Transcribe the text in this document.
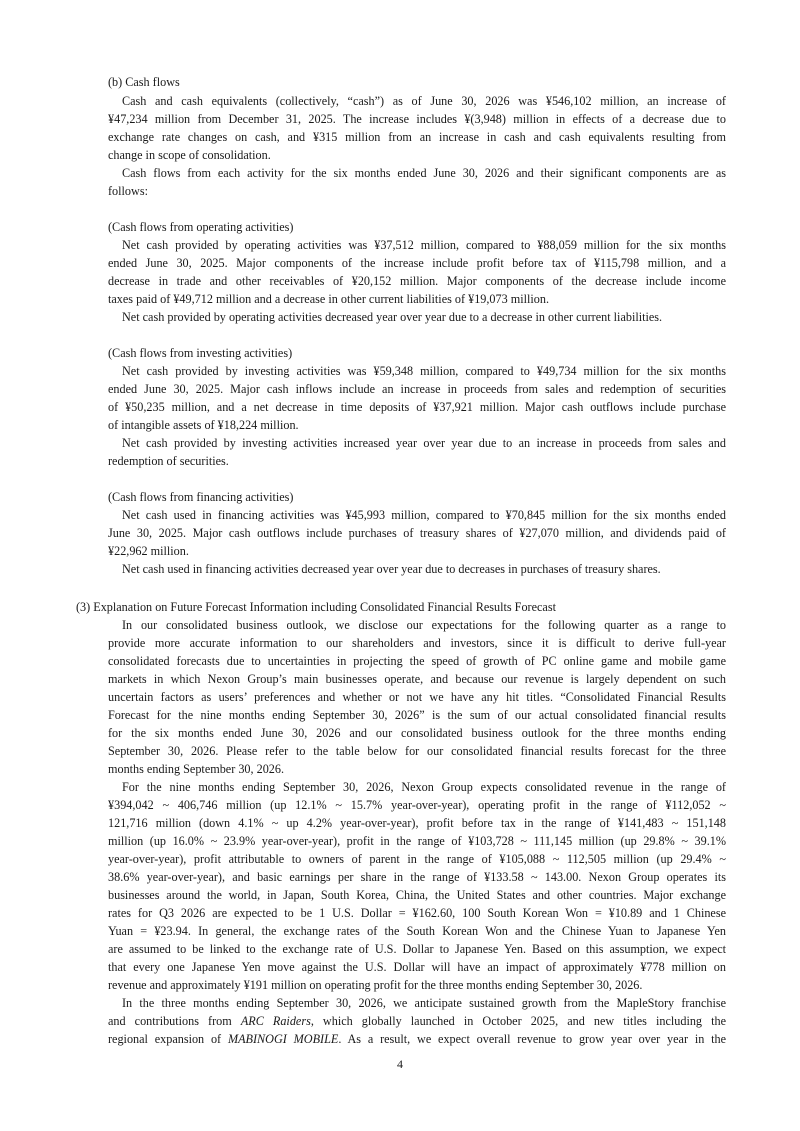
(b) Cash flows
Cash and cash equivalents (collectively, “cash”) as of June 30, 2026 was ¥546,102 million, an increase of
¥47,234 million from December 31, 2025. The increase includes ¥(3,948) million in effects of a decrease due to
exchange rate changes on cash, and ¥315 million from an increase in cash and cash equivalents resulting from
change in scope of consolidation.
Cash flows from each activity for the six months ended June 30, 2026 and their significant components are as
follows:
(Cash flows from operating activities)
Net cash provided by operating activities was ¥37,512 million, compared to ¥88,059 million for the six months
ended June 30, 2025. Major components of the increase include profit before tax of ¥115,798 million, and a
decrease in trade and other receivables of ¥20,152 million. Major components of the decrease include income
taxes paid of ¥49,712 million and a decrease in other current liabilities of ¥19,073 million.
Net cash provided by operating activities decreased year over year due to a decrease in other current liabilities.
(Cash flows from investing activities)
Net cash provided by investing activities was ¥59,348 million, compared to ¥49,734 million for the six months
ended June 30, 2025. Major cash inflows include an increase in proceeds from sales and redemption of securities
of ¥50,235 million, and a net decrease in time deposits of ¥37,921 million. Major cash outflows include purchase
of intangible assets of ¥18,224 million.
Net cash provided by investing activities increased year over year due to an increase in proceeds from sales and
redemption of securities.
(Cash flows from financing activities)
Net cash used in financing activities was ¥45,993 million, compared to ¥70,845 million for the six months ended
June 30, 2025. Major cash outflows include purchases of treasury shares of ¥27,070 million, and dividends paid of
¥22,962 million.
Net cash used in financing activities decreased year over year due to decreases in purchases of treasury shares.
(3) Explanation on Future Forecast Information including Consolidated Financial Results Forecast
In our consolidated business outlook, we disclose our expectations for the following quarter as a range to
provide more accurate information to our shareholders and investors, since it is difficult to derive full-year
consolidated forecasts due to uncertainties in projecting the speed of growth of PC online game and mobile game
markets in which Nexon Group’s main businesses operate, and because our revenue is largely dependent on such
uncertain factors as users’ preferences and whether or not we have any hit titles. “Consolidated Financial Results
Forecast for the nine months ending September 30, 2026” is the sum of our actual consolidated financial results
for the six months ended June 30, 2026 and our consolidated business outlook for the three months ending
September 30, 2026. Please refer to the table below for our consolidated financial results forecast for the three
months ending September 30, 2026.
For the nine months ending September 30, 2026, Nexon Group expects consolidated revenue in the range of
¥394,042 ~ 406,746 million (up 12.1% ~ 15.7% year-over-year), operating profit in the range of ¥112,052 ~
121,716 million (down 4.1% ~ up 4.2% year-over-year), profit before tax in the range of ¥141,483 ~ 151,148
million (up 16.0% ~ 23.9% year-over-year), profit in the range of ¥103,728 ~ 111,145 million (up 29.8% ~ 39.1%
year-over-year), profit attributable to owners of parent in the range of ¥105,088 ~ 112,505 million (up 29.4% ~
38.6% year-over-year), and basic earnings per share in the range of ¥133.58 ~ 143.00. Nexon Group operates its
businesses around the world, in Japan, South Korea, China, the United States and other countries. Major exchange
rates for Q3 2026 are expected to be 1 U.S. Dollar = ¥162.60, 100 South Korean Won = ¥10.89 and 1 Chinese
Yuan = ¥23.94. In general, the exchange rates of the South Korean Won and the Chinese Yuan to Japanese Yen
are assumed to be linked to the exchange rate of U.S. Dollar to Japanese Yen. Based on this assumption, we expect
that every one Japanese Yen move against the U.S. Dollar will have an impact of approximately ¥778 million on
revenue and approximately ¥191 million on operating profit for the three months ending September 30, 2026.
In the three months ending September 30, 2026, we anticipate sustained growth from the MapleStory franchise
and contributions from ARC Raiders, which globally launched in October 2025, and new titles including the
regional expansion of MABINOGI MOBILE. As a result, we expect overall revenue to grow year over year in the
4
